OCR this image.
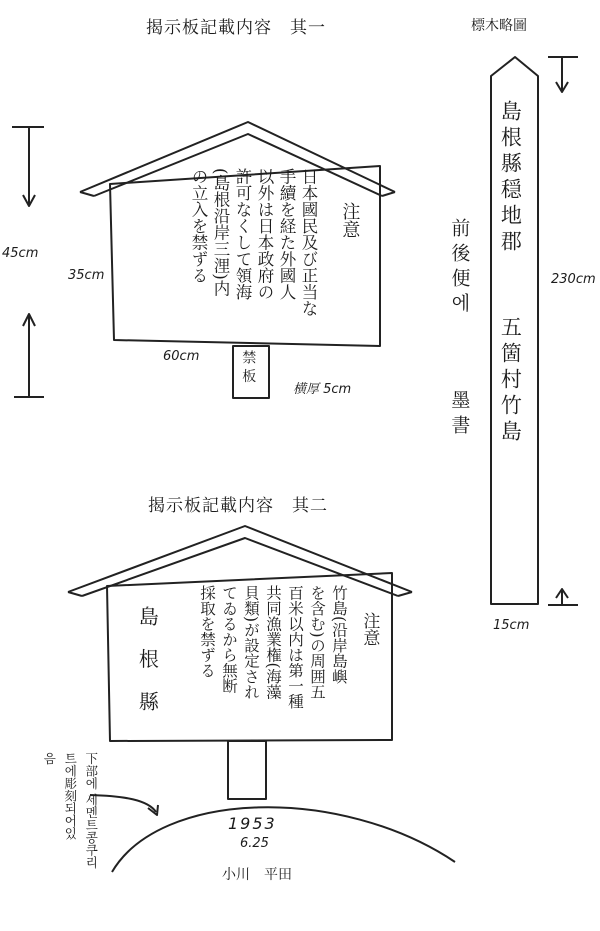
揭示板記載内容　其一
注意
日本國民及び正当な
手續を経た外國人
以外は日本政府の
許可なくして領海
(島根沿岸三浬)内
の立入を禁ずる
禁 板
45cm
35cm
60cm
横厚 5cm
標木略圖
島根縣穏地郡
五箇村竹島
前後便에
墨書
230cm
15cm
揭示板記載内容　其二
注意
竹島(沿岸島嶼
を含む)の周囲五
百米以内は第一種
共同漁業権(海藻
貝類)が設定され
てゐるから無断
採取を禁ずる
島 根 縣
1953
6.25
小川　平田
下部에 세멘트콩쿠리
트에彫刻되어있
음
